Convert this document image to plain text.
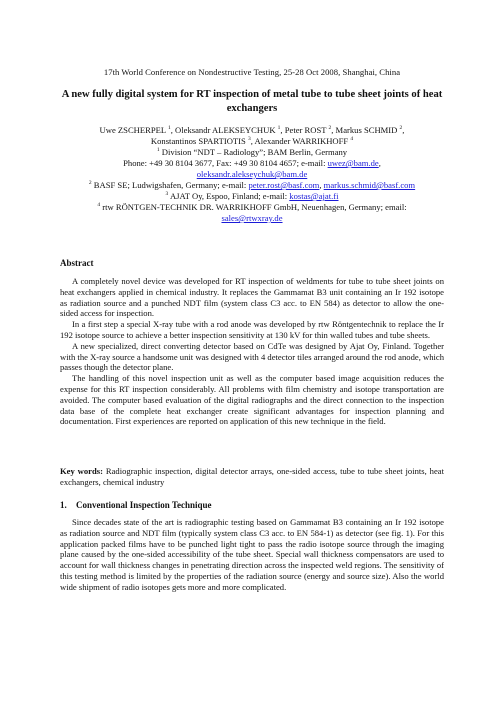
17th World Conference on Nondestructive Testing, 25-28 Oct 2008, Shanghai, China
A new fully digital system for RT inspection of metal tube to tube sheet joints of heat exchangers
Uwe ZSCHERPEL $^1$, Oleksandr ALEKSEYCHUK $^1$, Peter ROST $^2$, Markus SCHMID $^2$,
Konstantinos SPARTIOTIS $^3$, Alexander WARRIKHOFF $^4$
$^1$ Division “NDT – Radiology”; BAM Berlin, Germany
Phone: +49 30 8104 3677, Fax: +49 30 8104 4657; e-mail: uwez@bam.de,
oleksandr.alekseychuk@bam.de
$^2$ BASF SE; Ludwigshafen, Germany; e-mail: peter.rost@basf.com, markus.schmid@basf.com
$^3$ AJAT Oy, Espoo, Finland; e-mail: kostas@ajat.fi
$^4$ rtw RÖNTGEN-TECHNIK DR. WARRIKHOFF GmbH, Neuenhagen, Germany; email:
sales@rtwxray.de
Abstract

A completely novel device was developed for RT inspection of weldments for tube to tube sheet joints on heat exchangers applied in chemical industry. It replaces the Gammamat B3 unit containing an Ir 192 isotope as radiation source and a punched NDT film (system class C3 acc. to EN 584) as detector to allow the one-sided access for inspection.

In a first step a special X-ray tube with a rod anode was developed by rtw Röntgentechnik to replace the Ir 192 isotope source to achieve a better inspection sensitivity at 130 kV for thin walled tubes and tube sheets.

A new specialized, direct converting detector based on CdTe was designed by Ajat Oy, Finland. Together with the X-ray source a handsome unit was designed with 4 detector tiles arranged around the rod anode, which passes though the detector plane.

The handling of this novel inspection unit as well as the computer based image acquisition reduces the expense for this RT inspection considerably. All problems with film chemistry and isotope transportation are avoided. The computer based evaluation of the digital radiographs and the direct connection to the inspection data base of the complete heat exchanger create significant advantages for inspection planning and documentation. First experiences are reported on application of this new technique in the field.

Key words: Radiographic inspection, digital detector arrays, one-sided access, tube to tube sheet joints, heat exchangers, chemical industry
1. Conventional Inspection Technique

Since decades state of the art is radiographic testing based on Gammamat B3 containing an Ir 192 isotope as radiation source and NDT film (typically system class C3 acc. to EN 584-1) as detector (see fig. 1). For this application packed films have to be punched light tight to pass the radio isotope source through the imaging plane caused by the one-sided accessibility of the tube sheet. Special wall thickness compensators are used to account for wall thickness changes in penetrating direction across the inspected weld regions. The sensitivity of this testing method is limited by the properties of the radiation source (energy and source size). Also the world wide shipment of radio isotopes gets more and more complicated.
